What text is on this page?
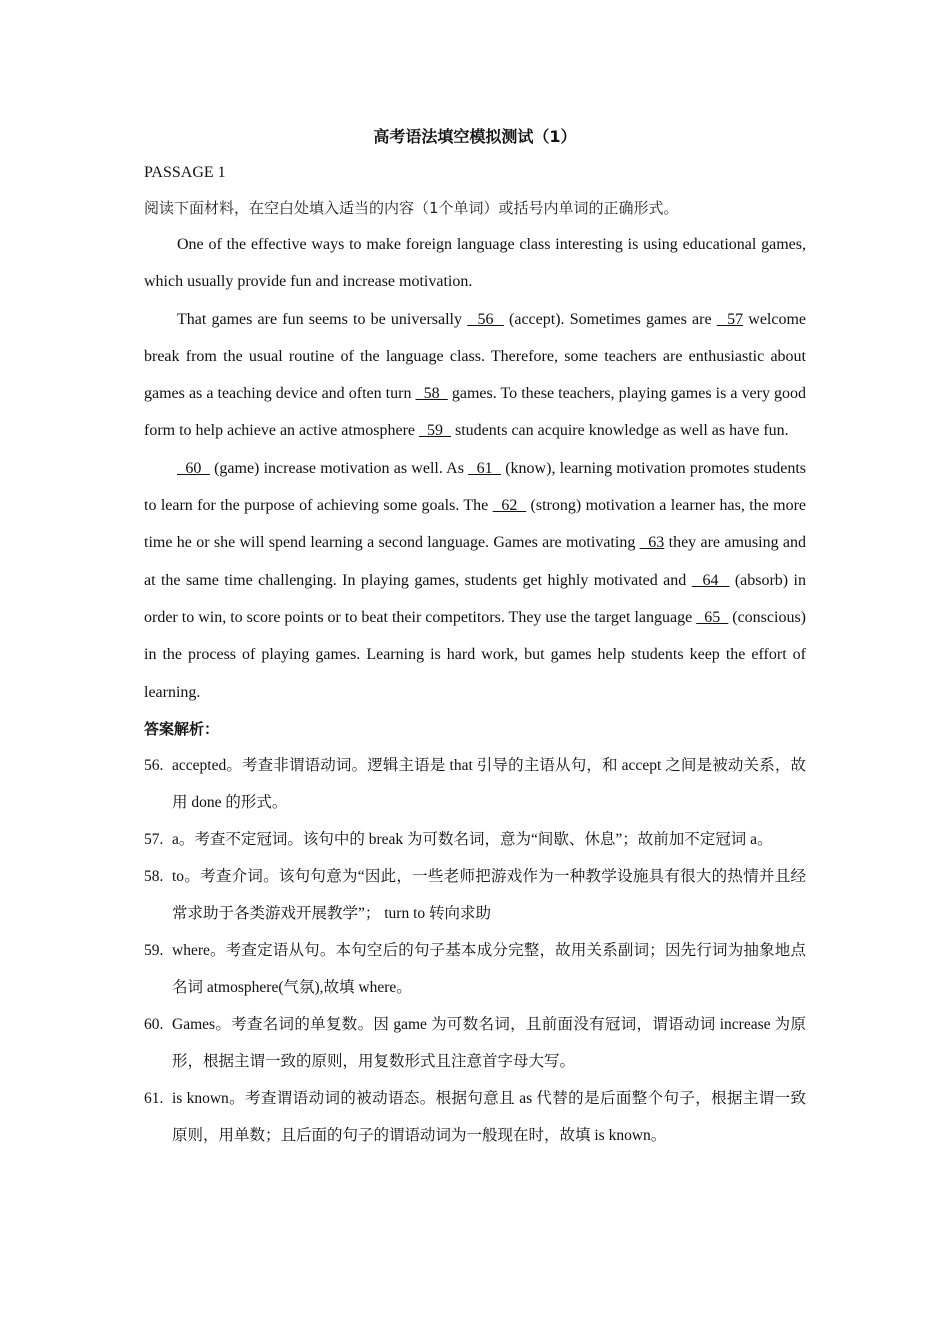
高考语法填空模拟测试（1）
PASSAGE 1
阅读下面材料，在空白处填入适当的内容（1个单词）或括号内单词的正确形式。

One of the effective ways to make foreign language class interesting is using educational games, which usually provide fun and increase motivation.

That games are fun seems to be universally   56   (accept). Sometimes games are   57 welcome break from the usual routine of the language class. Therefore, some teachers are enthusiastic about games as a teaching device and often turn   58   games. To these teachers, playing games is a very good form to help achieve an active atmosphere   59   students can acquire knowledge as well as have fun.

60   (game) increase motivation as well. As   61   (know), learning motivation promotes students to learn for the purpose of achieving some goals. The   62   (strong) motivation a learner has, the more time he or she will spend learning a second language. Games are motivating   63 they are amusing and at the same time challenging. In playing games, students get highly motivated and   64   (absorb) in order to win, to score points or to beat their competitors. They use the target language   65   (conscious) in the process of playing games. Learning is hard work, but games help students keep the effort of learning.

答案解析：
56. accepted。考查非谓语动词。逻辑主语是 that 引导的主语从句，和 accept 之间是被动关系，故用 done 的形式。
57. a。考查不定冠词。该句中的 break 为可数名词，意为“间歇、休息”；故前加不定冠词 a。
58. to。考查介词。该句句意为“因此，一些老师把游戏作为一种教学设施具有很大的热情并且经常求助于各类游戏开展教学”； turn to 转向求助
59. where。考查定语从句。本句空后的句子基本成分完整，故用关系副词；因先行词为抽象地点名词 atmosphere(气氛),故填 where。
60. Games。考查名词的单复数。因 game 为可数名词，且前面没有冠词，谓语动词 increase 为原形，根据主谓一致的原则，用复数形式且注意首字母大写。
61. is known。考查谓语动词的被动语态。根据句意且 as 代替的是后面整个句子，根据主谓一致原则，用单数；且后面的句子的谓语动词为一般现在时，故填 is known。
